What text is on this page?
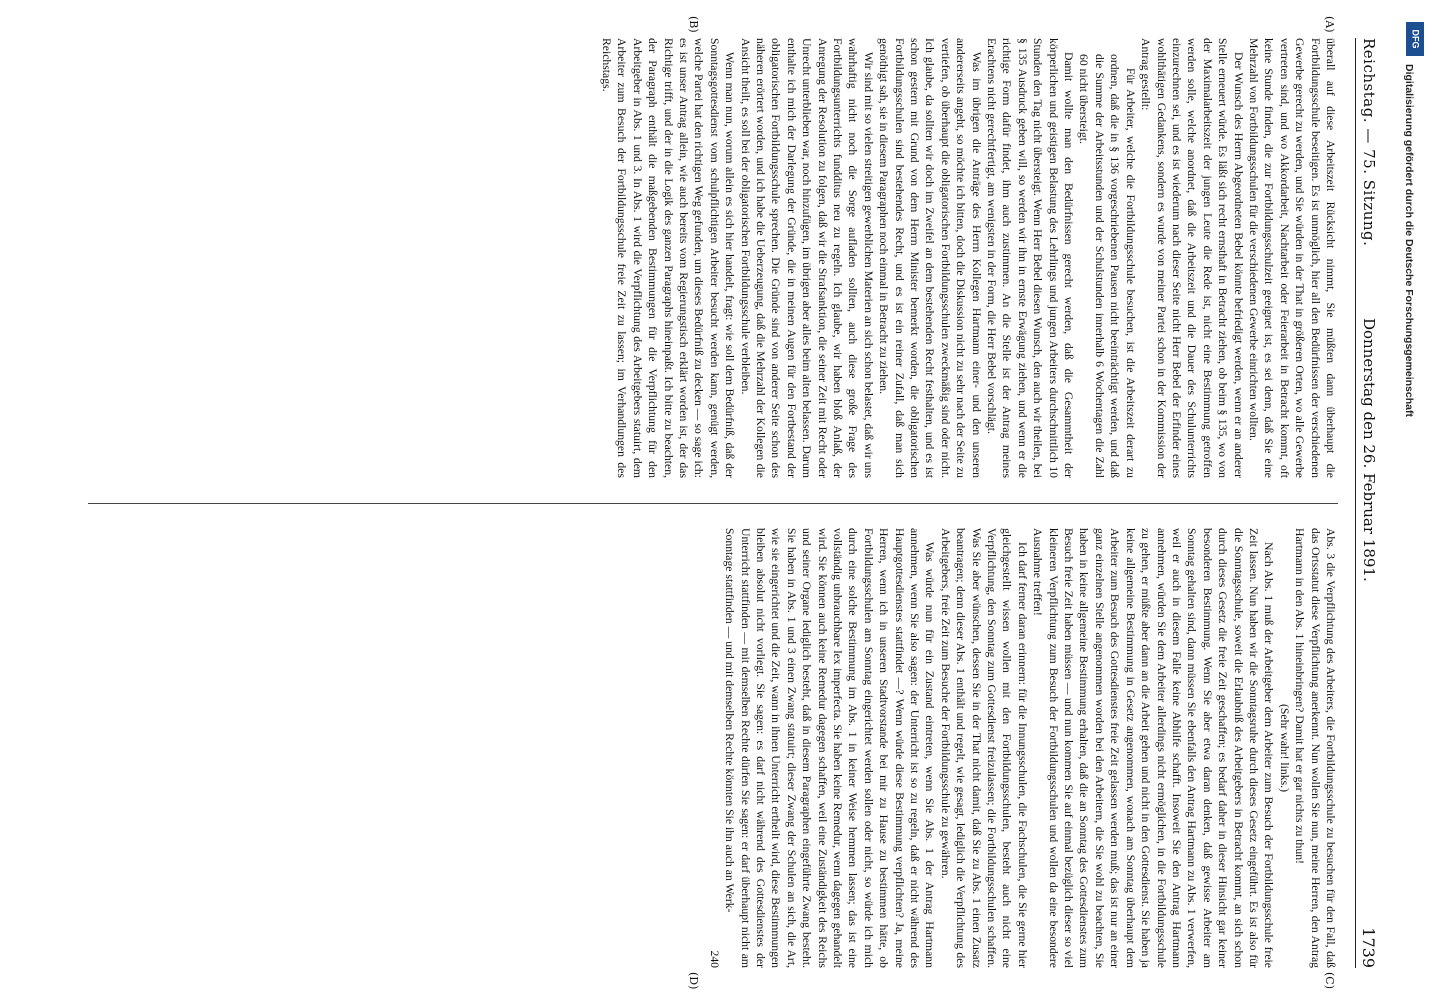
Reichstag. — 75. Sitzung.
Donnerstag den 26. Februar 1891.
1739
(A)
(B)
(C)
(D)

überall auf diese Arbeitszeit Rücksicht nimmt, Sie müßten dann überhaupt die Fortbildungsschule beseitigen. Es ist unmöglich, hier all den Bedürfnissen der verschiedenen Gewerbe gerecht zu werden, und Sie würden in der That in größeren Orten, wo alle Gewerbe vertreten sind, und wo Akkordarbeit, Nachtarbeit oder Feierarbeit in Betracht kommt, oft keine Stunde finden, die zur Fortbildungsschulzeit geeignet ist, es sei denn, daß Sie eine Mehrzahl von Fortbildungsschulen für die verschiedenen Gewerbe einrichten wollten.

Der Wunsch des Herrn Abgeordneten Bebel könnte befriedigt werden, wenn er an anderer Stelle erneuert würde. Es läßt sich recht ernsthaft in Betracht ziehen, ob beim § 135, wo von der Maximalarbeitszeit der jungen Leute die Rede ist, nicht eine Bestimmung getroffen werden solle, welche anordnet, daß die Arbeitszeit und die Dauer des Schulunterrichts einzurechnen sei, und es ist wiederum nach dieser Seite nicht Herr Bebel der Erfinder eines wohlthätigen Gedankens, sondern es wurde von meiner Partei schon in der Kommission der Antrag gestellt:

Für Arbeiter, welche die Fortbildungsschule besuchen, ist die Arbeitszeit derart zu ordnen, daß die in § 136 vorgeschriebenen Pausen nicht beeinträchtigt werden, und daß die Summe der Arbeitsstunden und der Schulstunden innerhalb 6 Wochentagen die Zahl 60 nicht übersteigt.

Damit wollte man den Bedürfnissen gerecht werden, daß die Gesammtheit der körperlichen und geistigen Belastung des Lehrlings und jungen Arbeiters durchschnittlich 10 Stunden den Tag nicht übersteigt. Wenn Herr Bebel diesen Wunsch, den auch wir theilen, bei § 135 Ausdruck geben will, so werden wir ihn in ernste Erwägung ziehen, und wenn er die richtige Form dafür findet, ihm auch zustimmen. An die Stelle ist der Antrag meines Erachtens nicht gerechtfertigt, am wenigsten in der Form, die Herr Bebel vorschlägt.

Was im übrigen die Anträge des Herrn Kollegen Hartmann einer- und den unseren andererseits angeht, so möchte ich bitten, doch die Diskussion nicht zu sehr nach der Seite zu vertiefen, ob überhaupt die obligatorischen Fortbildungsschulen zweckmäßig sind oder nicht. Ich glaube, da sollten wir doch im Zweifel an dem bestehenden Recht festhalten, und es ist schon gestern mit Grund von dem Herrn Minister bemerkt worden, die obligatorischen Fortbildungsschulen sind bestehendes Recht, und es ist ein reiner Zufall, daß man sich genöthigt sah, sie in diesem Paragraphen noch einmal in Betracht zu ziehen.

Wir sind mit so vielen streitigen gewerblichen Materien an sich schon belastet, daß wir uns wahrhaftig nicht noch die Sorge aufladen sollten, auch diese große Frage des Fortbildungsunterrichts fundditus neu zu regeln. Ich glaube, wir haben bloß Anlaß, der Anregung der Resolution zu folgen, daß wir die Strafsanktion, die seiner Zeit mit Recht oder Unrecht unterblieben war, noch hinzufügen, im übrigen aber alles beim alten belassen. Darum enthalte ich mich der Darlegung der Gründe, die in meinen Augen für den Fortbestand der obligatorischen Fortbildungsschule sprechen. Die Gründe sind von anderer Seite schon des näheren erörtert worden, und ich habe die Ueberzeugung, daß die Mehrzahl der Kollegen die Ansicht theilt, es soll bei der obligatorischen Fortbildungsschule verbleiben.

Wenn man nun, worum allein es sich hier handelt, fragt: wie soll dem Bedürfniß, daß der Sonntagsgottesdienst vom schulpflichtigen Arbeiter besucht werden kann, genügt werden, welche Partei hat den richtigen Weg gefunden, um dieses Bedürfniß zu decken — so sage ich: es ist unser Antrag allein, wie auch bereits vom Regierungstisch erklärt worden ist, der das Richtige trifft, und der in die Logik des ganzen Paragraphs hineinpaßt. Ich bitte zu beachten, der Paragraph enthält die maßgebenden Bestimmungen für die Verpflichtung für den Arbeitgeber in Abs. 1 und 3. In Abs. 1 wird die Verpflichtung des Arbeitgebers statuirt, dem Arbeiter zum Besuch der Fortbildungsschule freie Zeit zu lassen; im Verhandlungen des Reichstags.

Abs. 3 die Verpflichtung des Arbeiters, die Fortbildungsschule zu besuchen für den Fall, daß das Ortsstatut diese Verpflichtung anerkennt. Nun wollen Sie nun, meine Herren, den Antrag Hartmann in den Abs. 1 hineinbringen? Damit hat er gar nichts zu thun!

(Sehr wahr! links.)

Nach Abs. 1 muß der Arbeitgeber dem Arbeiter zum Besuch der Fortbildungsschule freie Zeit lassen. Nun haben wir die Sonntagsruhe durch dieses Gesetz eingeführt. Es ist also für die Sonntagsschule, soweit die Erlaubniß des Arbeitgebers in Betracht kommt, an sich schon durch dieses Gesetz die freie Zeit geschaffen; es bedarf daher in dieser Hinsicht gar keiner besonderen Bestimmung. Wenn Sie aber etwa daran denken, daß gewisse Arbeiter am Sonntag gehalten sind, dann müssen Sie ebenfalls den Antrag Hartmann zu Abs. 1 verwerfen, weil er auch in diesem Falle keine Abhilfe schafft. Insoweit Sie den Antrag Hartmann annehmen, würden Sie dem Arbeiter allerdings nicht ermöglichen, in die Fortbildungsschule zu gehen, er müßte aber dann an die Arbeit gehen und nicht in den Gottesdienst. Sie haben ja keine allgemeine Bestimmung in Gesetz angenommen, wonach am Sonntag überhaupt dem Arbeiter zum Besuch des Gottesdienstes freie Zeit gelassen werden muß; das ist nur an einer ganz einzelnen Stelle angenommen worden bei den Arbeitern, die Sie wohl zu beachten, Sie haben in keine allgemeine Bestimmung erhalten, daß die an Sonntag des Gottesdienstes zum Besuch freie Zeit haben müssen — und nun kommen Sie auf einmal bezüglich dieser so viel kleineren Verpflichtung zum Besuch der Fortbildungsschulen und wollen da eine besondere Ausnahme treffen!

Ich darf ferner daran erinnern: für die Innungsschulen, die Fachschulen, die Sie gerne hier gleichgestellt wissen wollen mit den Fortbildungsschulen, besteht auch nicht eine Verpflichtung, den Sonntag zum Gottesdienst freizulassen; die Fortbildungsschulen schaffen. Was Sie aber wünschen, dessen Sie in der That nicht damit, daß Sie zu Abs. 1 einen Zusatz beantragen; denn dieser Abs. 1 enthält und regelt, wie gesagt, lediglich die Verpflichtung des Arbeitgebers, freie Zeit zum Besuche der Fortbildungsschule zu gewähren.

Was würde nun für ein Zustand eintreten, wenn Sie Abs. 1 der Antrag Hartmann annehmen, wenn Sie also sagen: der Unterricht ist so zu regeln, daß er nicht während des Hauptgottesdienstes stattfindet —? Wenn würde diese Bestimmung verpflichten? Ja, meine Herren, wenn ich in unseren Stadtvorstande bei mir zu Hause zu bestimmen hätte, ob Fortbildungsschulen am Sonntag eingerichtet werden sollen oder nicht, so würde ich mich durch eine solche Bestimmung im Abs. 1 in keiner Weise hemmen lassen; das ist eine vollständig unbrauchbare lex imperfecta. Sie haben keine Remedur, wenn dagegen gehandelt wird. Sie können auch keine Remedur dagegen schaffen, weil eine Zuständigkeit des Reichs und seiner Organe lediglich besteht, daß in diesem Paragraphen eingeführte Zwang besteht. Sie haben in Abs. 1 und 3 einen Zwang statuirt; dieser Zwang der Schulen an sich, die Art, wie sie eingerichtet und die Zeit, wann in ihnen Unterricht ertheilt wird, diese Bestimmungen bleiben absolut nicht vorliegt. Sie sagen: es darf nicht während des Gottesdienstes der Unterricht stattfinden — mit demselben Rechte dürfen Sie sagen: er darf überhaupt nicht am Sonntage stattfinden — und mit demselben Rechte könnten Sie ihn auch an Werk-

240

DFG
Digitalisierung gefördert durch die Deutsche Forschungsgemeinschaft
